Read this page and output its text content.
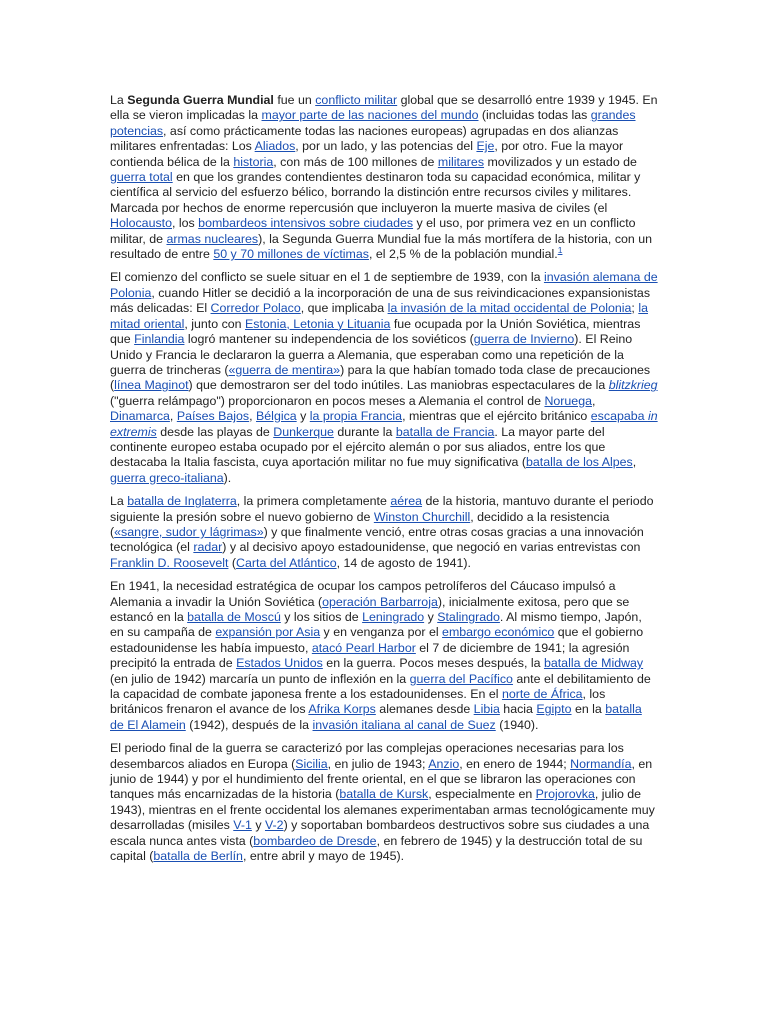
La Segunda Guerra Mundial fue un conflicto militar global que se desarrolló entre 1939 y 1945. En ella se vieron implicadas la mayor parte de las naciones del mundo (incluidas todas las grandes potencias, así como prácticamente todas las naciones europeas) agrupadas en dos alianzas militares enfrentadas: Los Aliados, por un lado, y las potencias del Eje, por otro. Fue la mayor contienda bélica de la historia, con más de 100 millones de militares movilizados y un estado de guerra total en que los grandes contendientes destinaron toda su capacidad económica, militar y científica al servicio del esfuerzo bélico, borrando la distinción entre recursos civiles y militares. Marcada por hechos de enorme repercusión que incluyeron la muerte masiva de civiles (el Holocausto, los bombardeos intensivos sobre ciudades y el uso, por primera vez en un conflicto militar, de armas nucleares), la Segunda Guerra Mundial fue la más mortífera de la historia, con un resultado de entre 50 y 70 millones de víctimas, el 2,5 % de la población mundial.$^1$

El comienzo del conflicto se suele situar en el 1 de septiembre de 1939, con la invasión alemana de Polonia, cuando Hitler se decidió a la incorporación de una de sus reivindicaciones expansionistas más delicadas: El Corredor Polaco, que implicaba la invasión de la mitad occidental de Polonia; la mitad oriental, junto con Estonia, Letonia y Lituania fue ocupada por la Unión Soviética, mientras que Finlandia logró mantener su independencia de los soviéticos (guerra de Invierno). El Reino Unido y Francia le declararon la guerra a Alemania, que esperaban como una repetición de la guerra de trincheras («guerra de mentira») para la que habían tomado toda clase de precauciones (línea Maginot) que demostraron ser del todo inútiles. Las maniobras espectaculares de la blitzkrieg ("guerra relámpago") proporcionaron en pocos meses a Alemania el control de Noruega, Dinamarca, Países Bajos, Bélgica y la propia Francia, mientras que el ejército británico escapaba in extremis desde las playas de Dunkerque durante la batalla de Francia. La mayor parte del continente europeo estaba ocupado por el ejército alemán o por sus aliados, entre los que destacaba la Italia fascista, cuya aportación militar no fue muy significativa (batalla de los Alpes, guerra greco-italiana).

La batalla de Inglaterra, la primera completamente aérea de la historia, mantuvo durante el periodo siguiente la presión sobre el nuevo gobierno de Winston Churchill, decidido a la resistencia («sangre, sudor y lágrimas») y que finalmente venció, entre otras cosas gracias a una innovación tecnológica (el radar) y al decisivo apoyo estadounidense, que negoció en varias entrevistas con Franklin D. Roosevelt (Carta del Atlántico, 14 de agosto de 1941).

En 1941, la necesidad estratégica de ocupar los campos petrolíferos del Cáucaso impulsó a Alemania a invadir la Unión Soviética (operación Barbarroja), inicialmente exitosa, pero que se estancó en la batalla de Moscú y los sitios de Leningrado y Stalingrado. Al mismo tiempo, Japón, en su campaña de expansión por Asia y en venganza por el embargo económico que el gobierno estadounidense les había impuesto, atacó Pearl Harbor el 7 de diciembre de 1941; la agresión precipitó la entrada de Estados Unidos en la guerra. Pocos meses después, la batalla de Midway (en julio de 1942) marcaría un punto de inflexión en la guerra del Pacífico ante el debilitamiento de la capacidad de combate japonesa frente a los estadounidenses. En el norte de África, los británicos frenaron el avance de los Afrika Korps alemanes desde Libia hacia Egipto en la batalla de El Alamein (1942), después de la invasión italiana al canal de Suez (1940).

El periodo final de la guerra se caracterizó por las complejas operaciones necesarias para los desembarcos aliados en Europa (Sicilia, en julio de 1943; Anzio, en enero de 1944; Normandía, en junio de 1944) y por el hundimiento del frente oriental, en el que se libraron las operaciones con tanques más encarnizadas de la historia (batalla de Kursk, especialmente en Projorovka, julio de 1943), mientras en el frente occidental los alemanes experimentaban armas tecnológicamente muy desarrolladas (misiles V-1 y V-2) y soportaban bombardeos destructivos sobre sus ciudades a una escala nunca antes vista (bombardeo de Dresde, en febrero de 1945) y la destrucción total de su capital (batalla de Berlín, entre abril y mayo de 1945).
